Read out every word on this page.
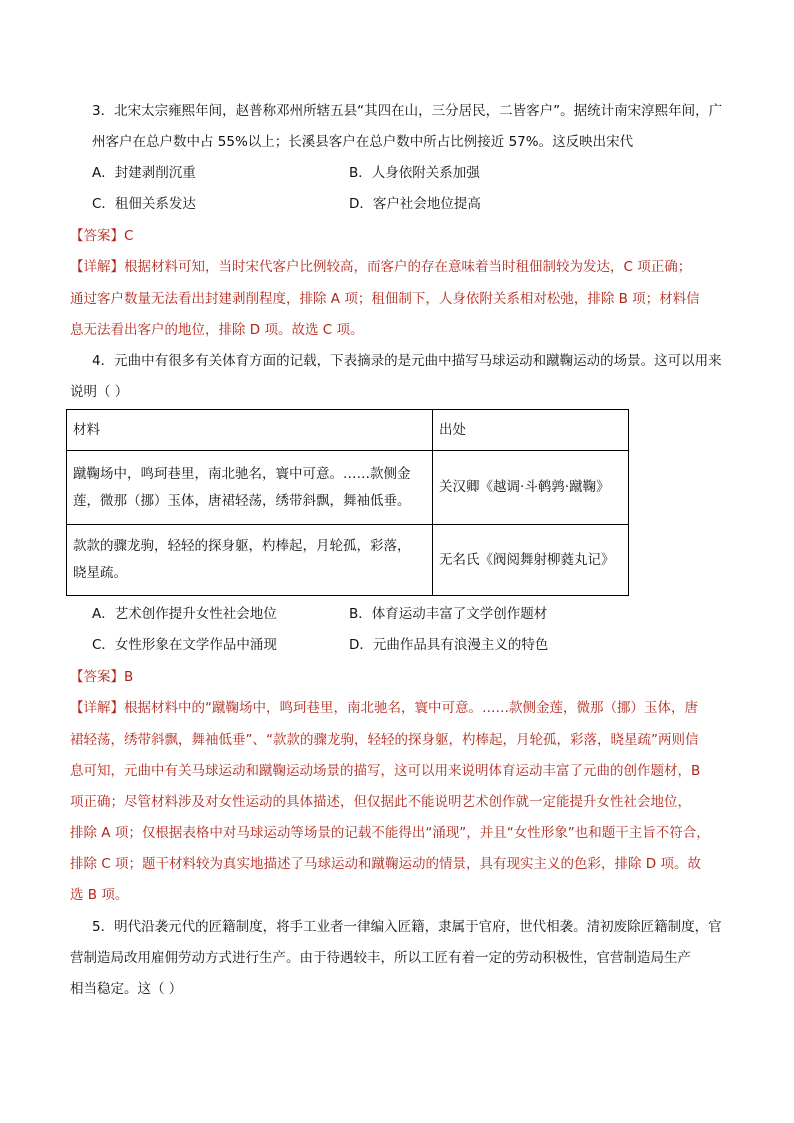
3．北宋太宗雍熙年间，赵普称邓州所辖五县“其四在山，三分居民，二皆客户”。据统计南宋淳熙年间，广
州客户在总户数中占 55%以上；长溪县客户在总户数中所占比例接近 57%。这反映出宋代
A．封建剥削沉重	B．人身依附关系加强
C．租佃关系发达	D．客户社会地位提高
【答案】C
【详解】根据材料可知，当时宋代客户比例较高，而客户的存在意味着当时租佃制较为发达，C 项正确；
通过客户数量无法看出封建剥削程度，排除 A 项；租佃制下，人身依附关系相对松弛，排除 B 项；材料信
息无法看出客户的地位，排除 D 项。故选 C 项。
4．元曲中有很多有关体育方面的记载，下表摘录的是元曲中描写马球运动和蹴鞠运动的场景。这可以用来
说明（ ）
材料	出处

蹴鞠场中，鸣珂巷里，南北驰名，寰中可意。……款侧金
莲，微那（挪）玉体，唐裙轻荡，绣带斜飘，舞袖低垂。	关汉卿《越调·斗鹌鹑·蹴鞠》

款款的骤龙驹，轻轻的探身躯，杓棒起，月轮孤，彩落，
晓星疏。	无名氏《阀阅舞射柳蕤丸记》
A．艺术创作提升女性社会地位	B．体育运动丰富了文学创作题材
C．女性形象在文学作品中涌现	D．元曲作品具有浪漫主义的特色
【答案】B
【详解】根据材料中的“蹴鞠场中，鸣珂巷里，南北驰名，寰中可意。……款侧金莲，微那（挪）玉体，唐
裙轻荡，绣带斜飘，舞袖低垂”、“款款的骤龙驹，轻轻的探身躯，杓棒起，月轮孤，彩落，晓星疏”两则信
息可知，元曲中有关马球运动和蹴鞠运动场景的描写，这可以用来说明体育运动丰富了元曲的创作题材，B
项正确；尽管材料涉及对女性运动的具体描述，但仅据此不能说明艺术创作就一定能提升女性社会地位，
排除 A 项；仅根据表格中对马球运动等场景的记载不能得出“涌现”，并且“女性形象”也和题干主旨不符合，
排除 C 项；题干材料较为真实地描述了马球运动和蹴鞠运动的情景，具有现实主义的色彩，排除 D 项。故
选 B 项。
5．明代沿袭元代的匠籍制度，将手工业者一律编入匠籍，隶属于官府，世代相袭。清初废除匠籍制度，官
营制造局改用雇佣劳动方式进行生产。由于待遇较丰，所以工匠有着一定的劳动积极性，官营制造局生产
相当稳定。这（ ）
